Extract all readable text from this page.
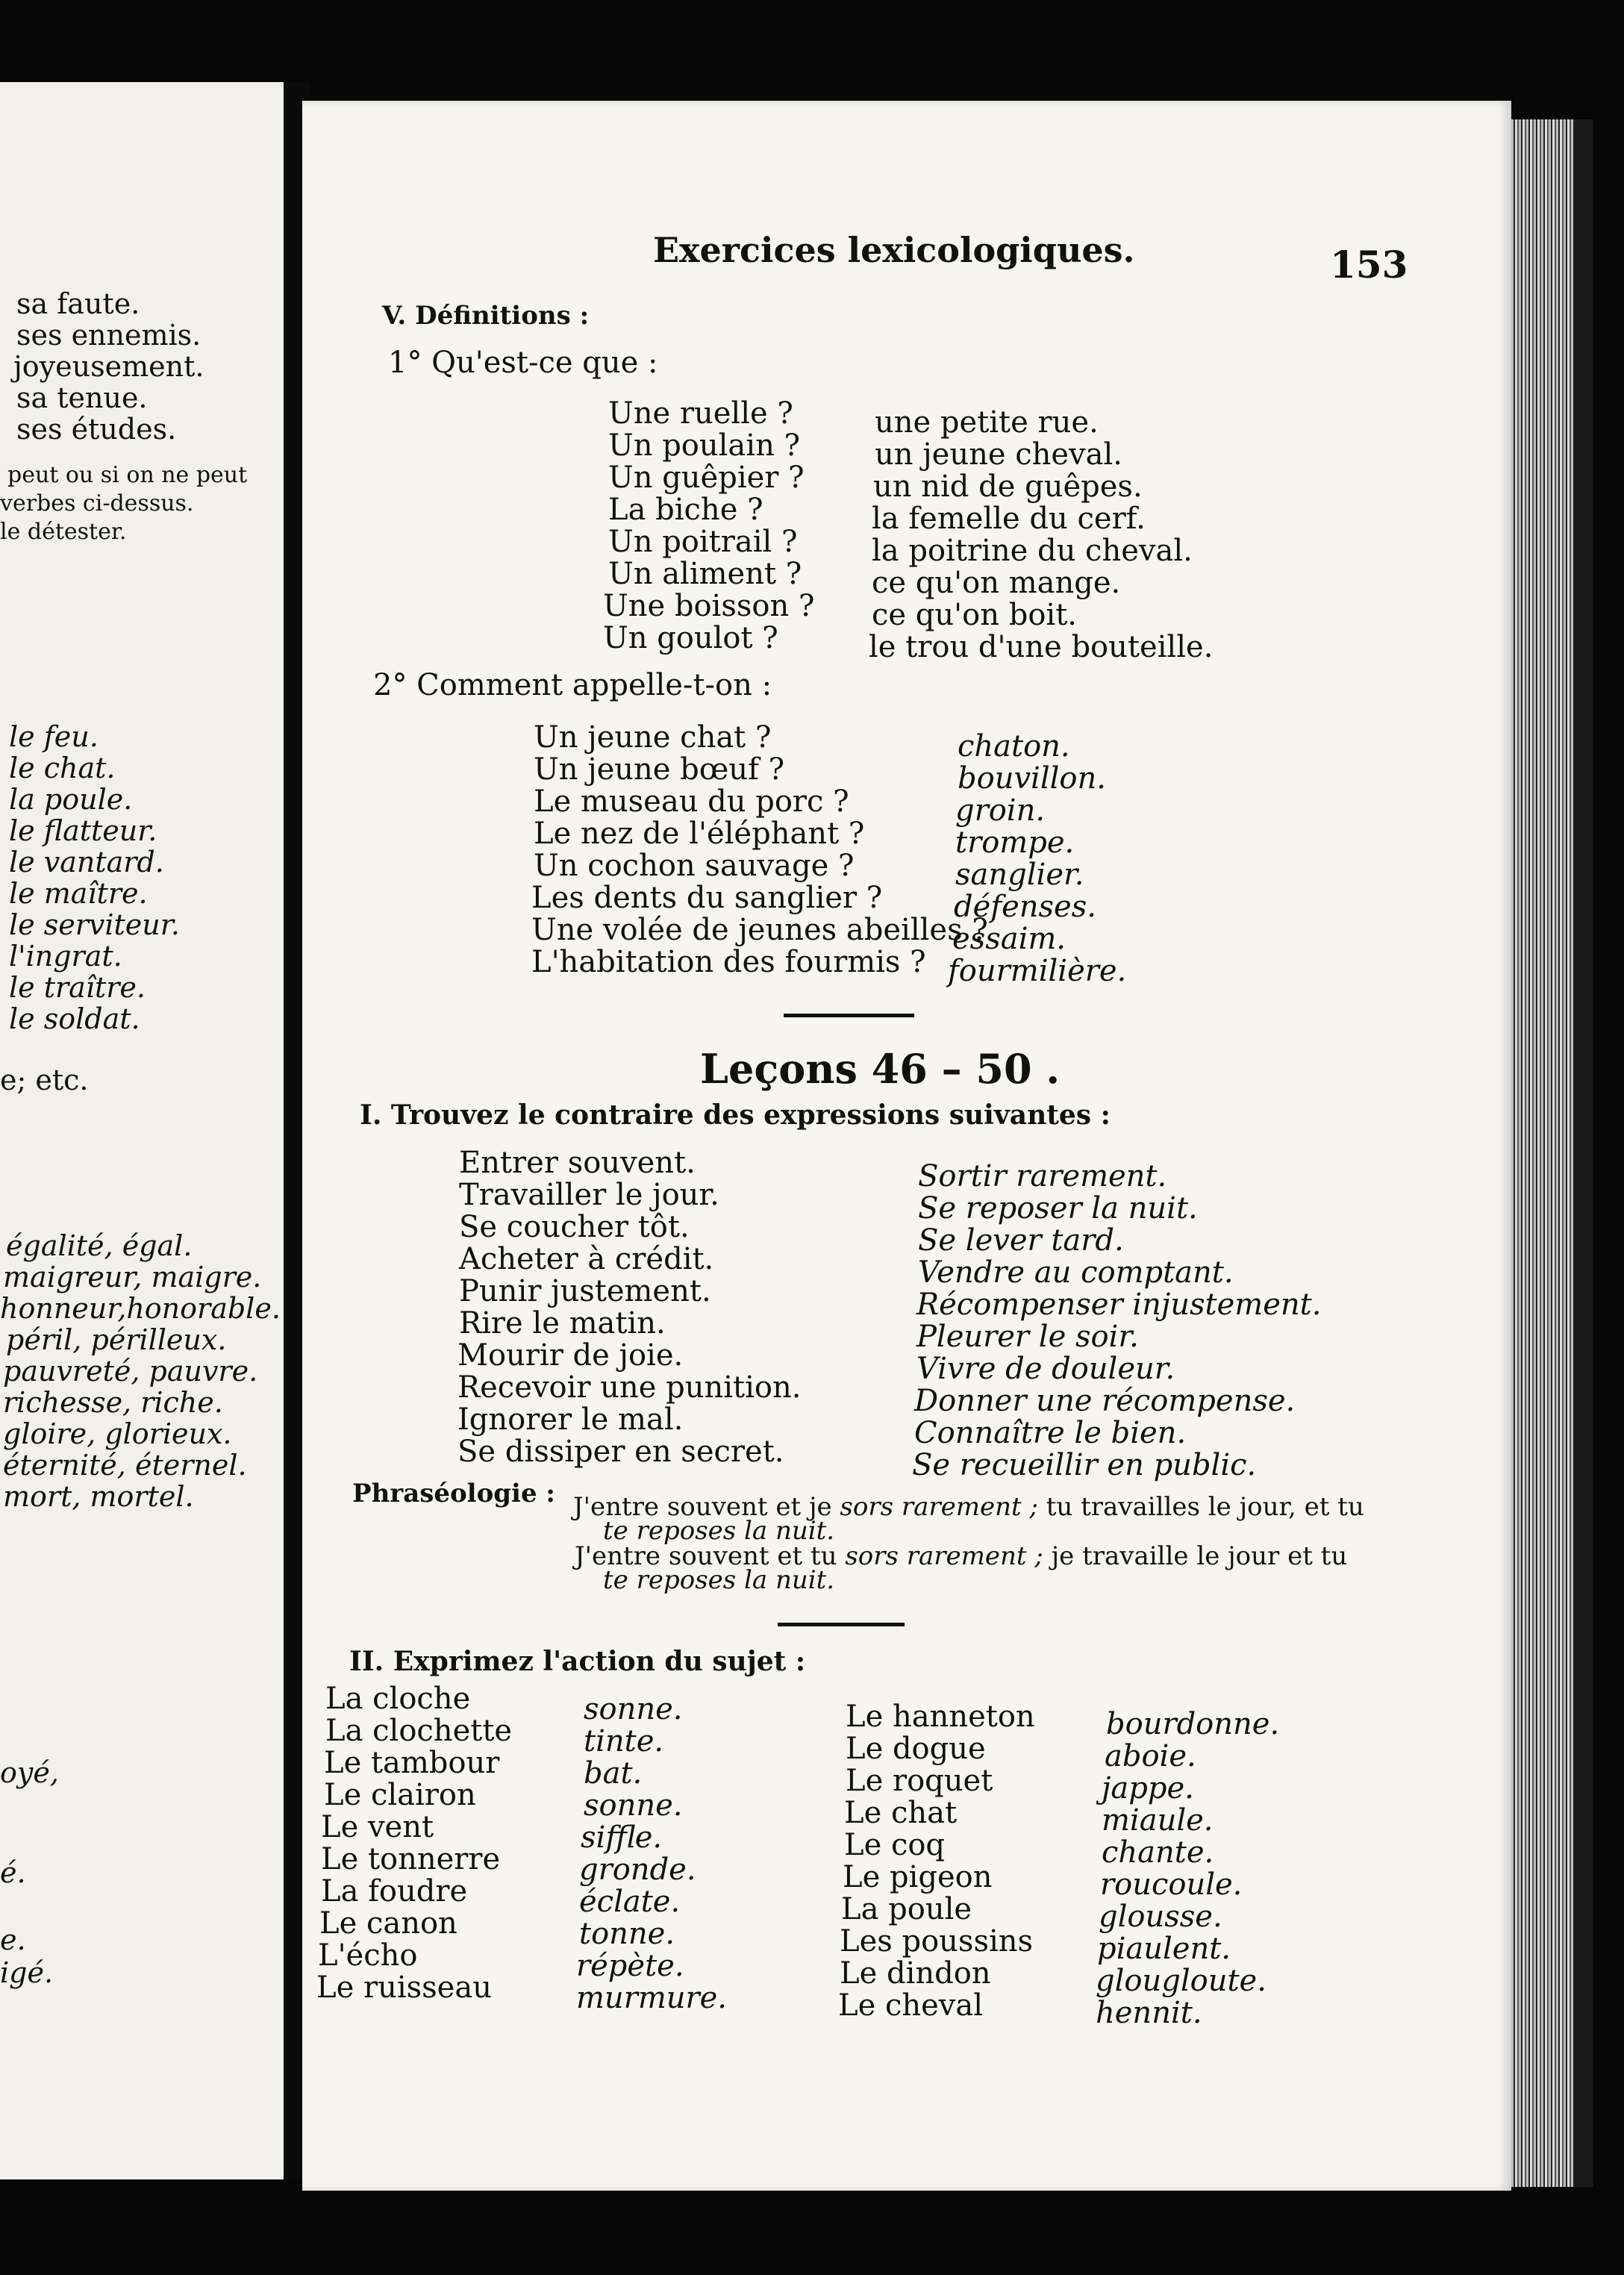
sa faute.
ses ennemis.
joyeusement.
sa tenue.
ses études.
peut ou si on ne peut
verbes ci-dessus.
le détester.
le feu.
le chat.
la poule.
le flatteur.
le vantard.
le maître.
le serviteur.
l'ingrat.
le traître.
le soldat.
e; etc.
égalité, égal.
maigreur, maigre.
honneur,honorable.
péril, périlleux.
pauvreté, pauvre.
richesse, riche.
gloire, glorieux.
éternité, éternel.
mort, mortel.
oyé,
é.
e.
igé.
Exercices lexicologiques.	153
V. Définitions :
1° Qu'est-ce que :
Une ruelle ?
Un poulain ?
Un guêpier ?
La biche ?
Un poitrail ?
Un aliment ?
Une boisson ?
Un goulot ?
une petite rue.
un jeune cheval.
un nid de guêpes.
la femelle du cerf.
la poitrine du cheval.
ce qu'on mange.
ce qu'on boit.
le trou d'une bouteille.
2° Comment appelle-t-on :
Un jeune chat ?
Un jeune bœuf ?
Le museau du porc ?
Le nez de l'éléphant ?
Un cochon sauvage ?
Les dents du sanglier ?
Une volée de jeunes abeilles ?
L'habitation des fourmis ?
chaton.
bouvillon.
groin.
trompe.
sanglier.
défenses.
essaim.
fourmilière.
Leçons 46 – 50 .
I. Trouvez le contraire des expressions suivantes :
Entrer souvent.
Travailler le jour.
Se coucher tôt.
Acheter à crédit.
Punir justement.
Rire le matin.
Mourir de joie.
Recevoir une punition.
Ignorer le mal.
Se dissiper en secret.
Sortir rarement.
Se reposer la nuit.
Se lever tard.
Vendre au comptant.
Récompenser injustement.
Pleurer le soir.
Vivre de douleur.
Donner une récompense.
Connaître le bien.
Se recueillir en public.
Phraséologie : J'entre souvent et je sors rarement ; tu travailles le jour, et tu
te reposes la nuit.
J'entre souvent et tu sors rarement ; je travaille le jour et tu
te reposes la nuit.
II. Exprimez l'action du sujet :
La cloche
La clochette
Le tambour
Le clairon
Le vent
Le tonnerre
La foudre
Le canon
L'écho
Le ruisseau
sonne.
tinte.
bat.
sonne.
siffle.
gronde.
éclate.
tonne.
répète.
murmure.
Le hanneton
Le dogue
Le roquet
Le chat
Le coq
Le pigeon
La poule
Les poussins
Le dindon
Le cheval
bourdonne.
aboie.
jappe.
miaule.
chante.
roucoule.
glousse.
piaulent.
glougloute.
hennit.
